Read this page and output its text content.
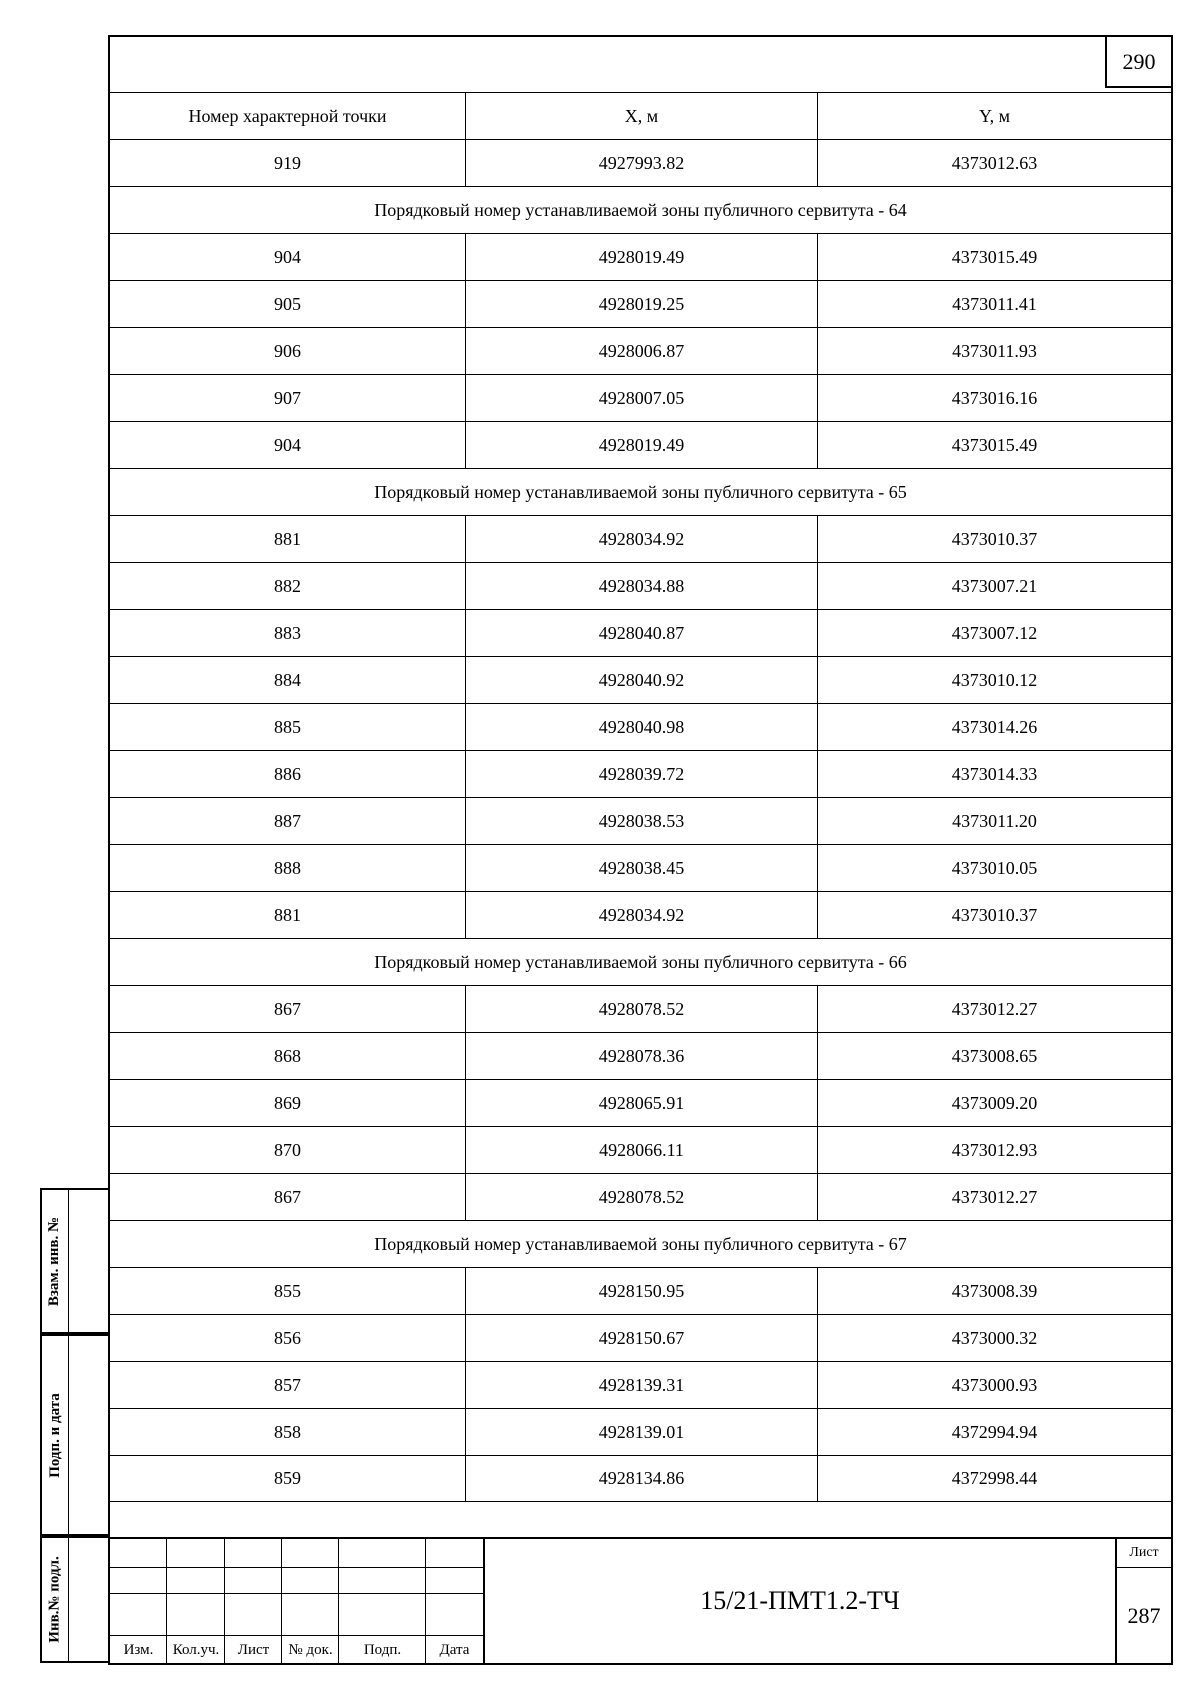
290
Номер характерной точки	X, м	Y, м
919	4927993.82	4373012.63
Порядковый номер устанавливаемой зоны публичного сервитута - 64
904	4928019.49	4373015.49
905	4928019.25	4373011.41
906	4928006.87	4373011.93
907	4928007.05	4373016.16
904	4928019.49	4373015.49
Порядковый номер устанавливаемой зоны публичного сервитута - 65
881	4928034.92	4373010.37
882	4928034.88	4373007.21
883	4928040.87	4373007.12
884	4928040.92	4373010.12
885	4928040.98	4373014.26
886	4928039.72	4373014.33
887	4928038.53	4373011.20
888	4928038.45	4373010.05
881	4928034.92	4373010.37
Порядковый номер устанавливаемой зоны публичного сервитута - 66
867	4928078.52	4373012.27
868	4928078.36	4373008.65
869	4928065.91	4373009.20
870	4928066.11	4373012.93
867	4928078.52	4373012.27
Порядковый номер устанавливаемой зоны публичного сервитута - 67
855	4928150.95	4373008.39
856	4928150.67	4373000.32
857	4928139.31	4373000.93
858	4928139.01	4372994.94
859	4928134.86	4372998.44
Изм.	Кол.уч.	Лист	№ док.	Подп.	Дата
15/21-ПМТ1.2-ТЧ
Лист
287
Взам. инв. №
Подп. и дата
Инв.№ подл.
